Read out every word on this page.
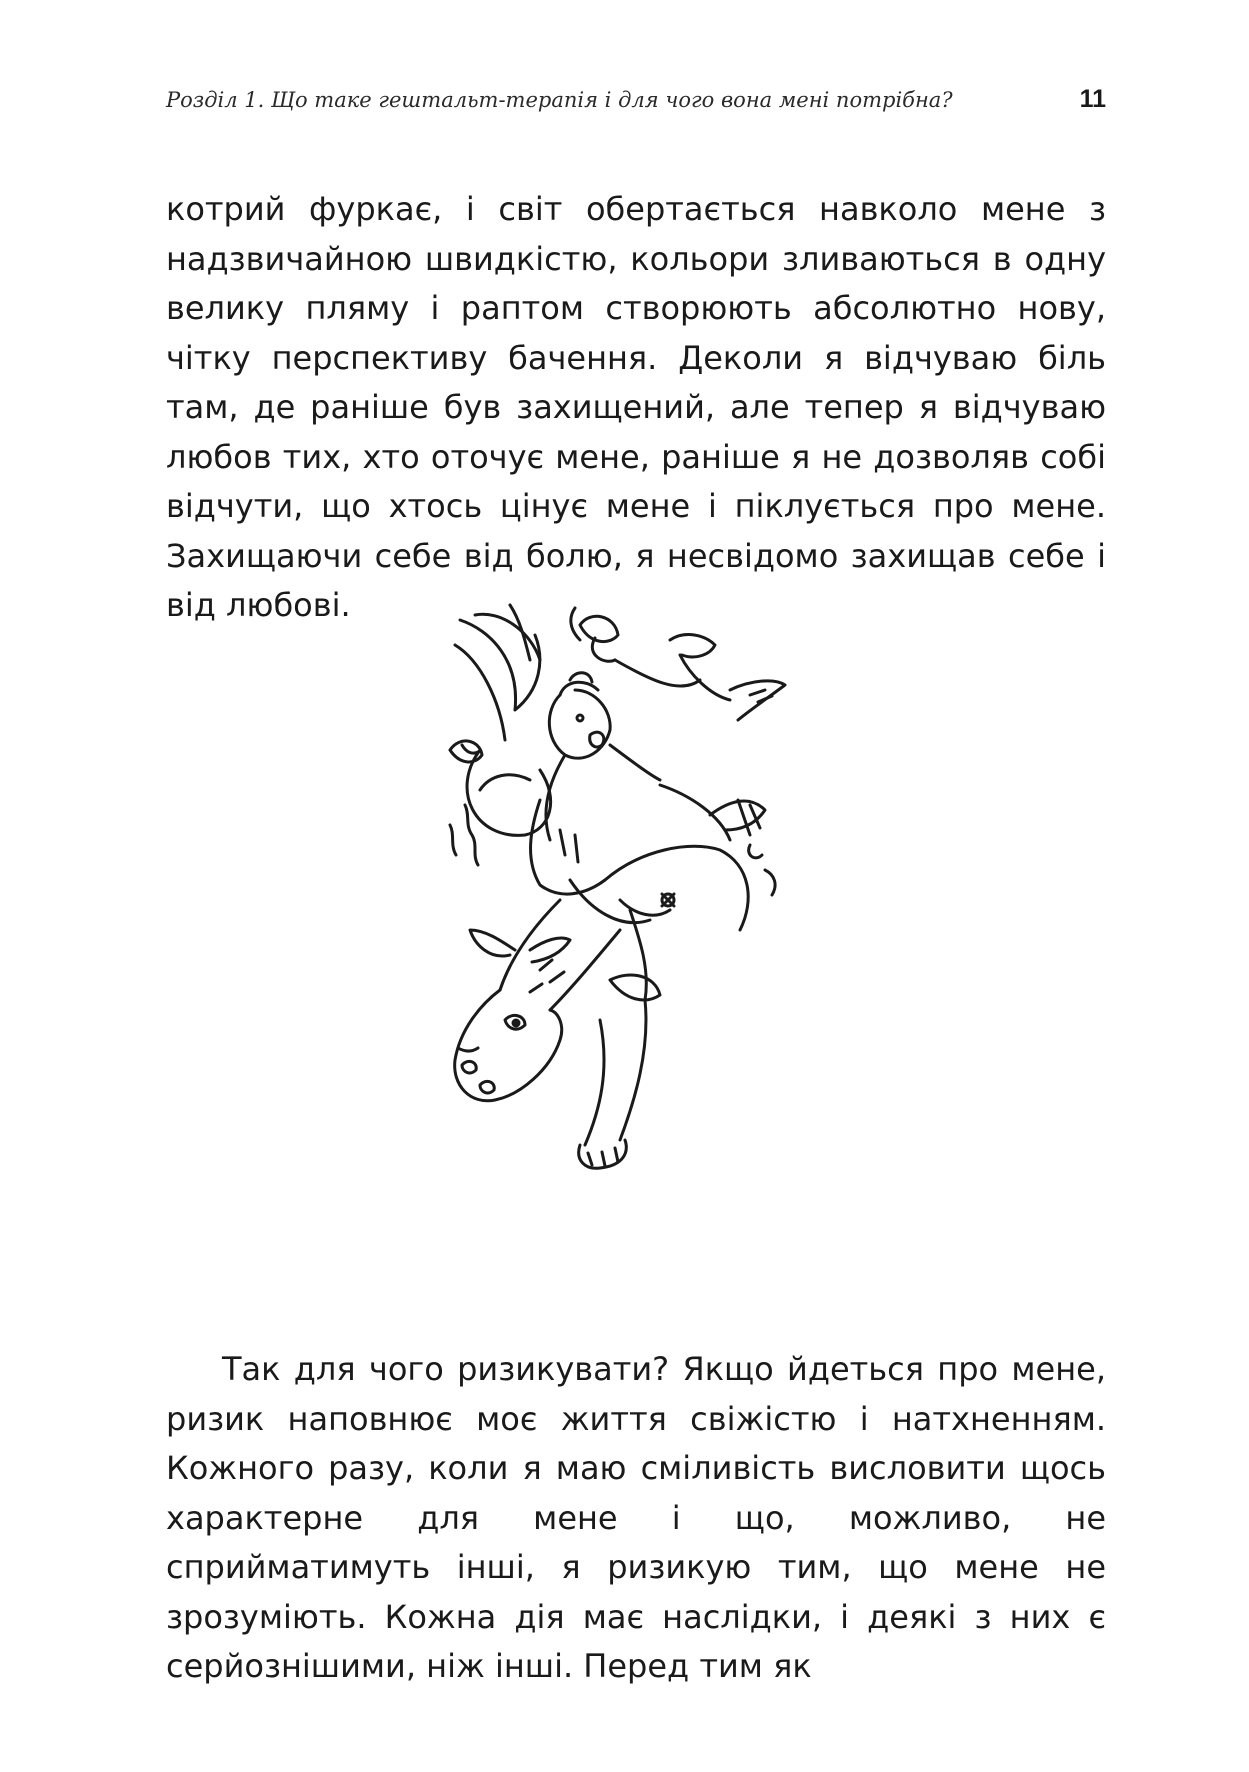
Розділ 1. Що таке гештальт-терапія і для чого вона мені потрібна?	11

котрий фуркає, і світ обертається навколо мене з надзвичайною швидкістю, кольори зливаються в одну велику пляму і раптом створюють абсолютно нову, чітку перспективу бачення. Деколи я відчуваю біль там, де раніше був захищений, але тепер я відчуваю любов тих, хто оточує мене, раніше я не дозволяв собі відчути, що хтось цінує мене і піклується про мене. Захищаючи себе від болю, я несвідомо захищав себе і від любові.

Так для чого ризикувати? Якщо йдеться про мене, ризик наповнює моє життя свіжістю і натхненням. Кожного разу, коли я маю сміливість висловити щось характерне для мене і що, можливо, не сприйматимуть інші, я ризикую тим, що мене не зрозуміють. Кожна дія має наслідки, і деякі з них є серйознішими, ніж інші. Перед тим як
